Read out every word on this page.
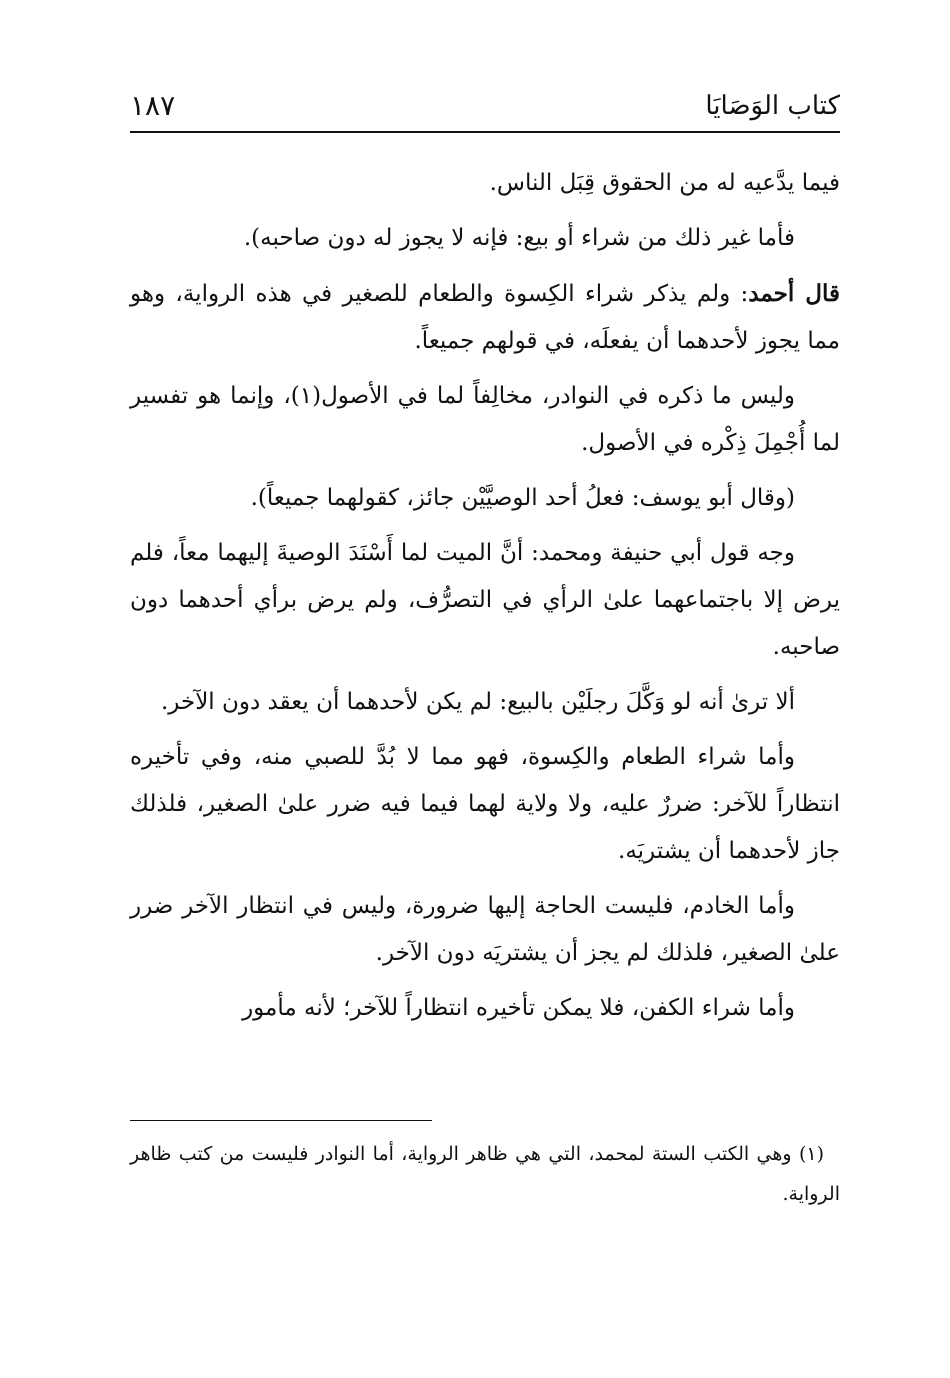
كتاب الوَصَايَا
١٨٧

فيما يدَّعيه له من الحقوق قِبَل الناس.

فأما غير ذلك من شراء أو بيع: فإنه لا يجوز له دون صاحبه).

قال أحمد: ولم يذكر شراء الكِسوة والطعام للصغير في هذه الرواية، وهو مما يجوز لأحدهما أن يفعلَه، في قولهم جميعاً.

وليس ما ذكره في النوادر، مخالِفاً لما في الأصول(١)، وإنما هو تفسير لما أُجْمِلَ ذِكْره في الأصول.

(وقال أبو يوسف: فعلُ أحد الوصيَّيْن جائز، كقولهما جميعاً).

وجه قول أبي حنيفة ومحمد: أنَّ الميت لما أَسْنَدَ الوصيةَ إليهما معاً، فلم يرض إلا باجتماعهما علىٰ الرأي في التصرُّف، ولم يرض برأي أحدهما دون صاحبه.

ألا ترىٰ أنه لو وَكَّلَ رجلَيْن بالبيع: لم يكن لأحدهما أن يعقد دون الآخر.

وأما شراء الطعام والكِسوة، فهو مما لا بُدَّ للصبي منه، وفي تأخيره انتظاراً للآخر: ضررٌ عليه، ولا ولاية لهما فيما فيه ضرر علىٰ الصغير، فلذلك جاز لأحدهما أن يشتريَه.

وأما الخادم، فليست الحاجة إليها ضرورة، وليس في انتظار الآخر ضرر علىٰ الصغير، فلذلك لم يجز أن يشتريَه دون الآخر.

وأما شراء الكفن، فلا يمكن تأخيره انتظاراً للآخر؛ لأنه مأمور

(١) وهي الكتب الستة لمحمد، التي هي ظاهر الرواية، أما النوادر فليست من كتب ظاهر الرواية.
